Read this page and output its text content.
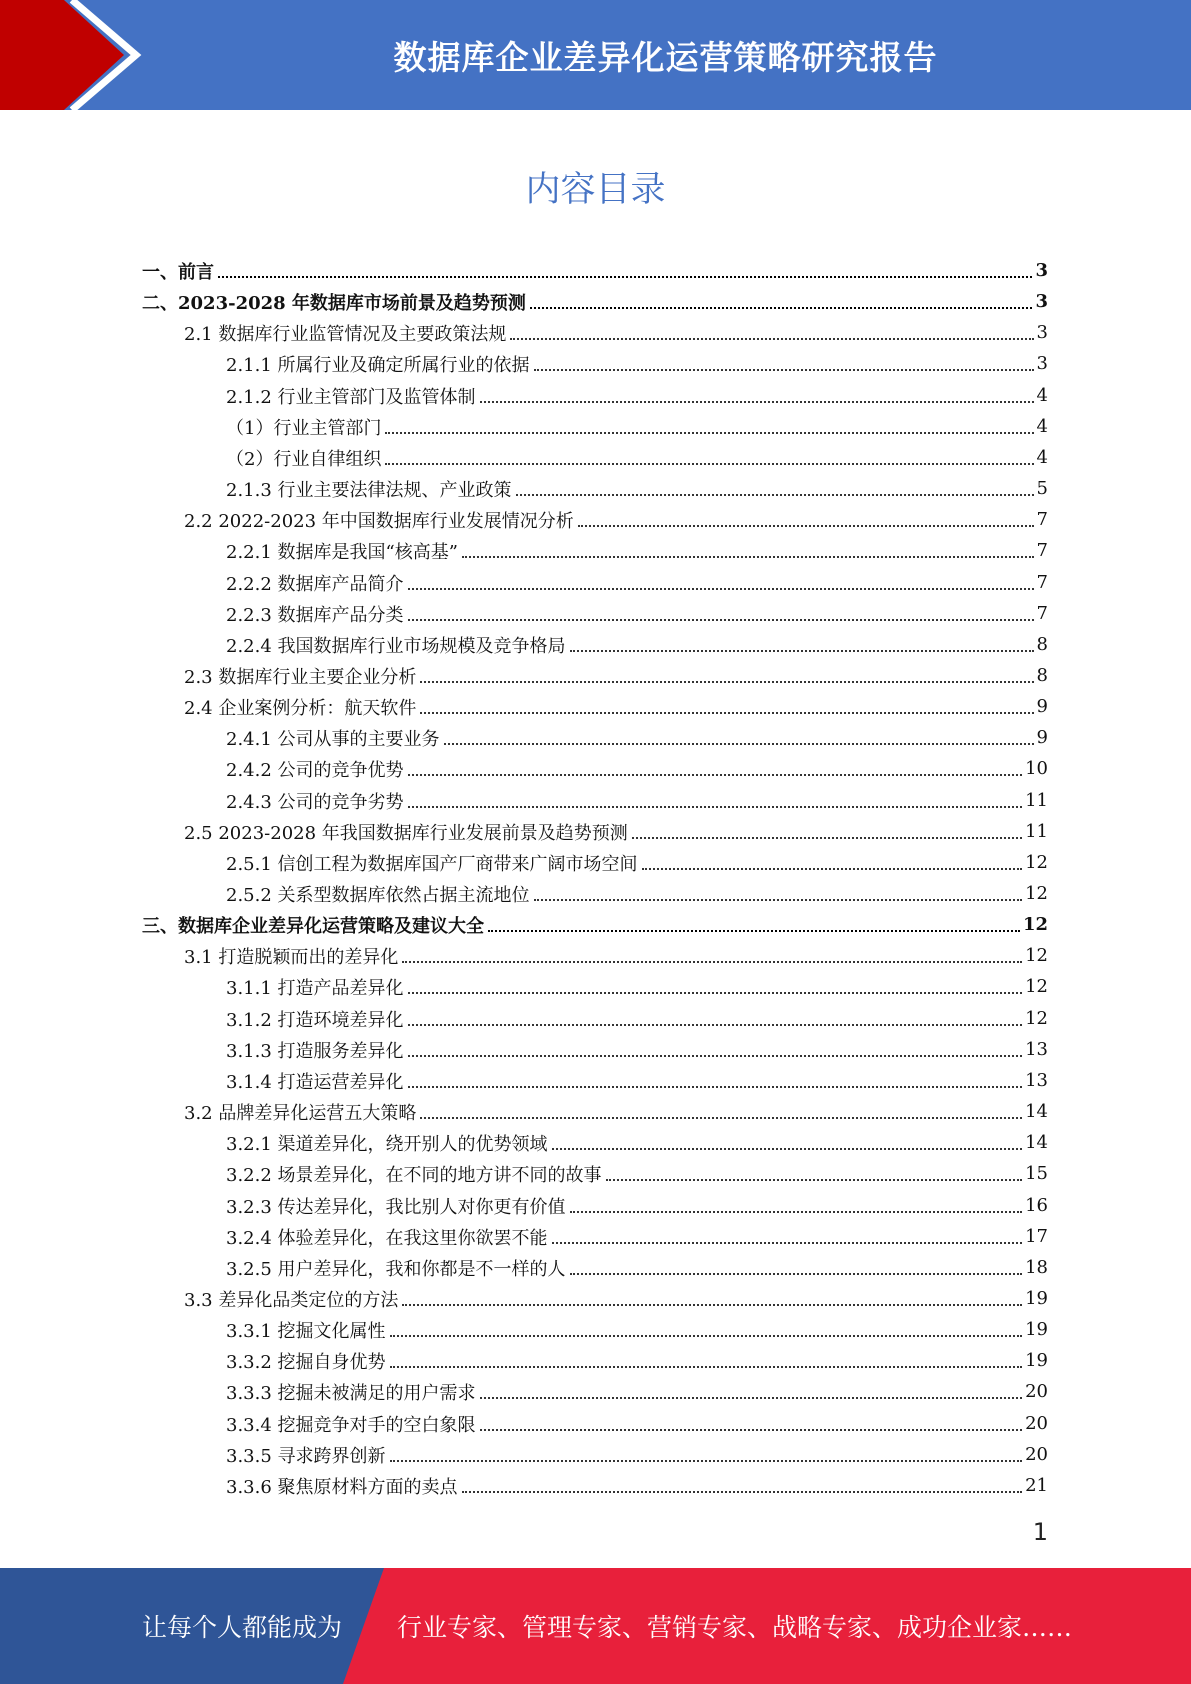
数据库企业差异化运营策略研究报告
内容目录
一、前言	3
二、2023-2028 年数据库市场前景及趋势预测	3
2.1 数据库行业监管情况及主要政策法规	3
2.1.1 所属行业及确定所属行业的依据	3
2.1.2 行业主管部门及监管体制	4
（1）行业主管部门	4
（2）行业自律组织	4
2.1.3 行业主要法律法规、产业政策	5
2.2 2022-2023 年中国数据库行业发展情况分析	7
2.2.1 数据库是我国“核高基”	7
2.2.2 数据库产品简介	7
2.2.3 数据库产品分类	7
2.2.4 我国数据库行业市场规模及竞争格局	8
2.3 数据库行业主要企业分析	8
2.4 企业案例分析：航天软件	9
2.4.1 公司从事的主要业务	9
2.4.2 公司的竞争优势	10
2.4.3 公司的竞争劣势	11
2.5 2023-2028 年我国数据库行业发展前景及趋势预测	11
2.5.1 信创工程为数据库国产厂商带来广阔市场空间	12
2.5.2 关系型数据库依然占据主流地位	12
三、数据库企业差异化运营策略及建议大全	12
3.1 打造脱颖而出的差异化	12
3.1.1 打造产品差异化	12
3.1.2 打造环境差异化	12
3.1.3 打造服务差异化	13
3.1.4 打造运营差异化	13
3.2 品牌差异化运营五大策略	14
3.2.1 渠道差异化，绕开别人的优势领域	14
3.2.2 场景差异化，在不同的地方讲不同的故事	15
3.2.3 传达差异化，我比别人对你更有价值	16
3.2.4 体验差异化，在我这里你欲罢不能	17
3.2.5 用户差异化，我和你都是不一样的人	18
3.3 差异化品类定位的方法	19
3.3.1 挖掘文化属性	19
3.3.2 挖掘自身优势	19
3.3.3 挖掘未被满足的用户需求	20
3.3.4 挖掘竞争对手的空白象限	20
3.3.5 寻求跨界创新	20
3.3.6 聚焦原材料方面的卖点	21
1
让每个人都能成为 行业专家、管理专家、营销专家、战略专家、成功企业家……
